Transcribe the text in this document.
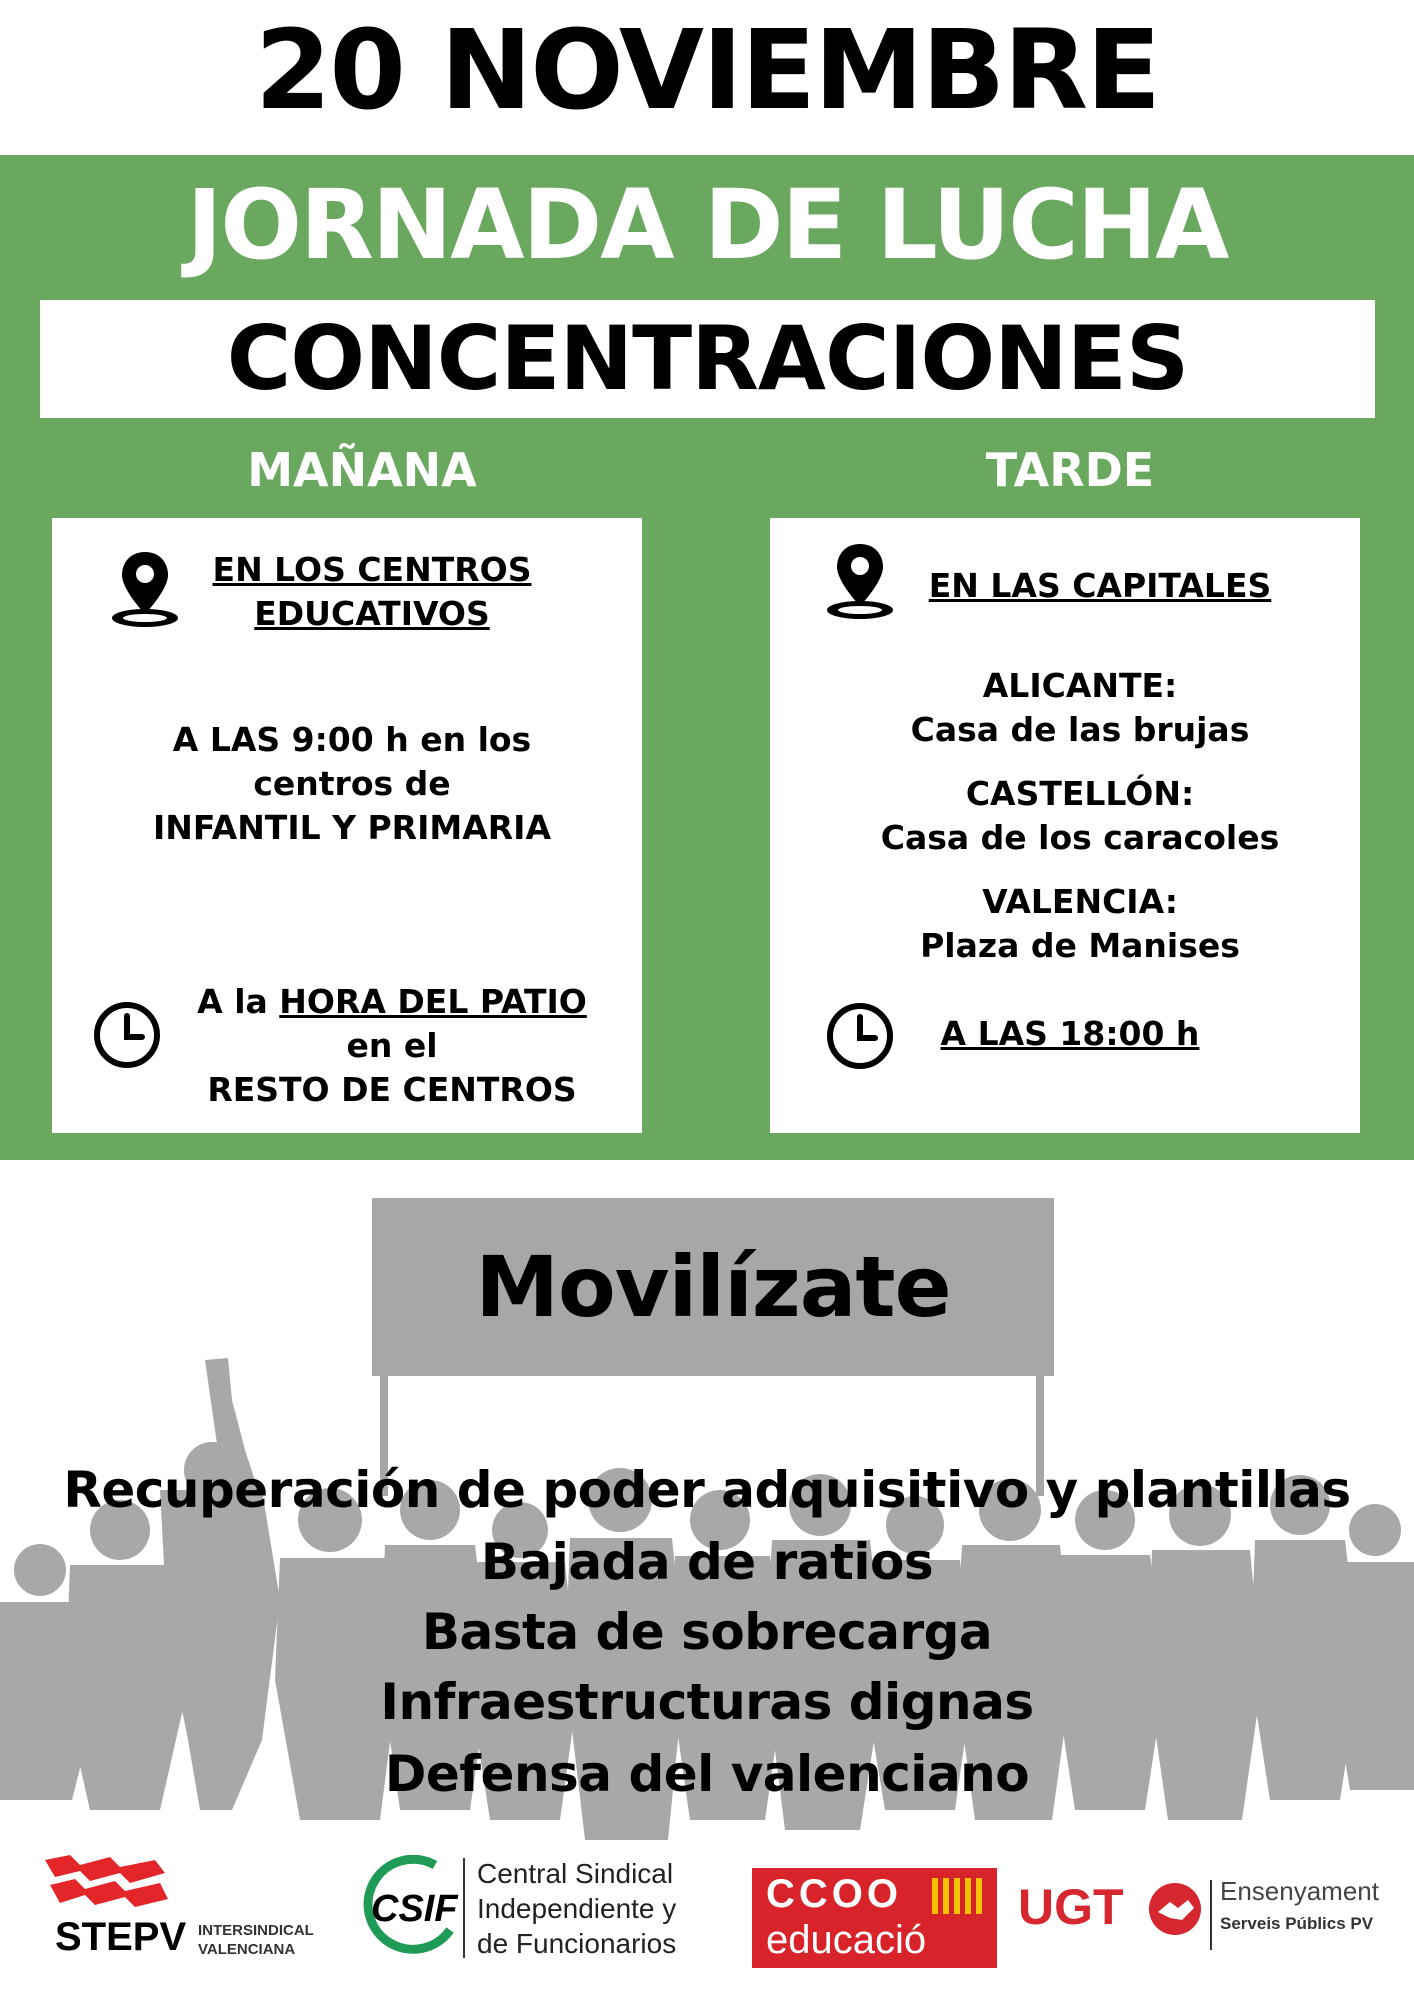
20 NOVIEMBRE
JORNADA DE LUCHA
CONCENTRACIONES
MAÑANA	TARDE
EN LOS CENTROS
EDUCATIVOS
A LAS 9:00 h en los
centros de
INFANTIL Y PRIMARIA
A la HORA DEL PATIO
en el
RESTO DE CENTROS
EN LAS CAPITALES
ALICANTE:
Casa de las brujas
CASTELLÓN:
Casa de los caracoles
VALENCIA:
Plaza de Manises
A LAS 18:00 h
Movilízate
Recuperación de poder adquisitivo y plantillas
Bajada de ratios
Basta de sobrecarga
Infraestructuras dignas
Defensa del valenciano
STEPV INTERSINDICAL
VALENCIANA
CSIF
Central Sindical
Independiente y
de Funcionarios
CCOO
educació
UGT	Ensenyament
Serveis Públics PV
